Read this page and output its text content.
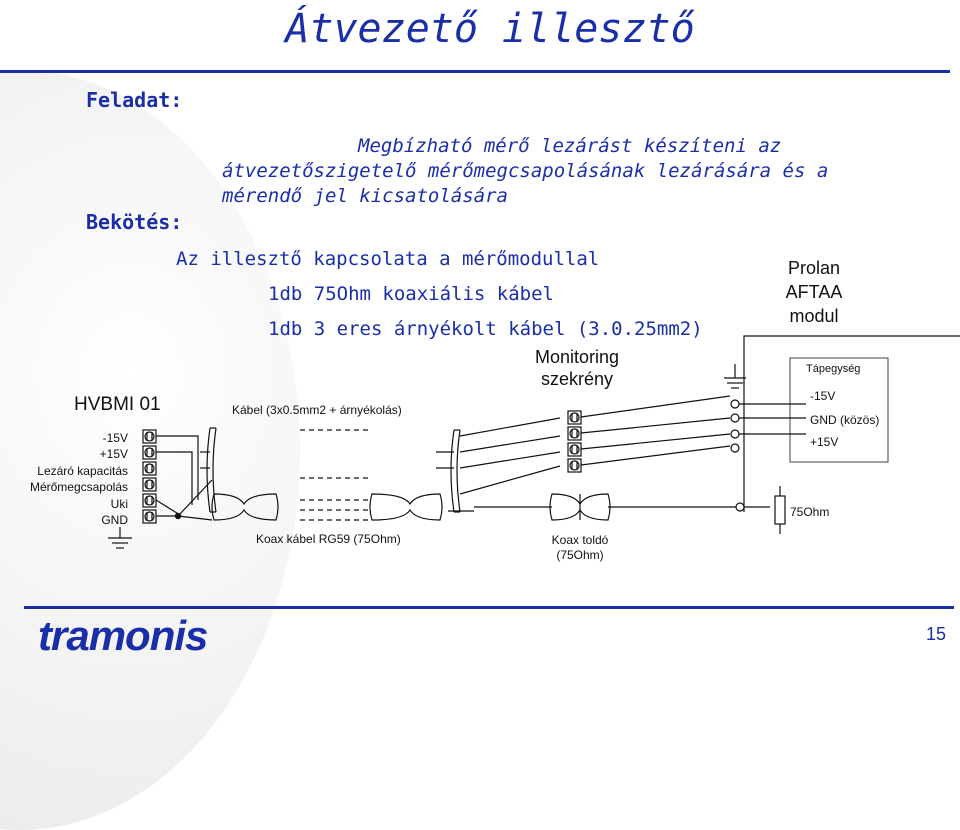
Átvezető illesztő
Feladat:
Megbízható mérő lezárást készíteni az
átvezetőszigetelő mérőmegcsapolásának lezárására és a
mérendő jel kicsatolására
Bekötés:
Az illesztő kapcsolata a mérőmodullal
1db 75Ohm koaxiális kábel
1db 3 eres árnyékolt kábel (3.0.25mm2)
HVBMI 01
-15V
+15V
Lezáró kapacitás
Mérőmegcsapolás
Uki
GND
Kábel (3x0.5mm2 + árnyékolás)
Koax kábel RG59 (75Ohm)
Monitoring
szekrény
Koax toldó
(75Ohm)
Prolan
AFTAA
modul
Tápegység
-15V
GND (közös)
+15V
75Ohm
tramonis	15
